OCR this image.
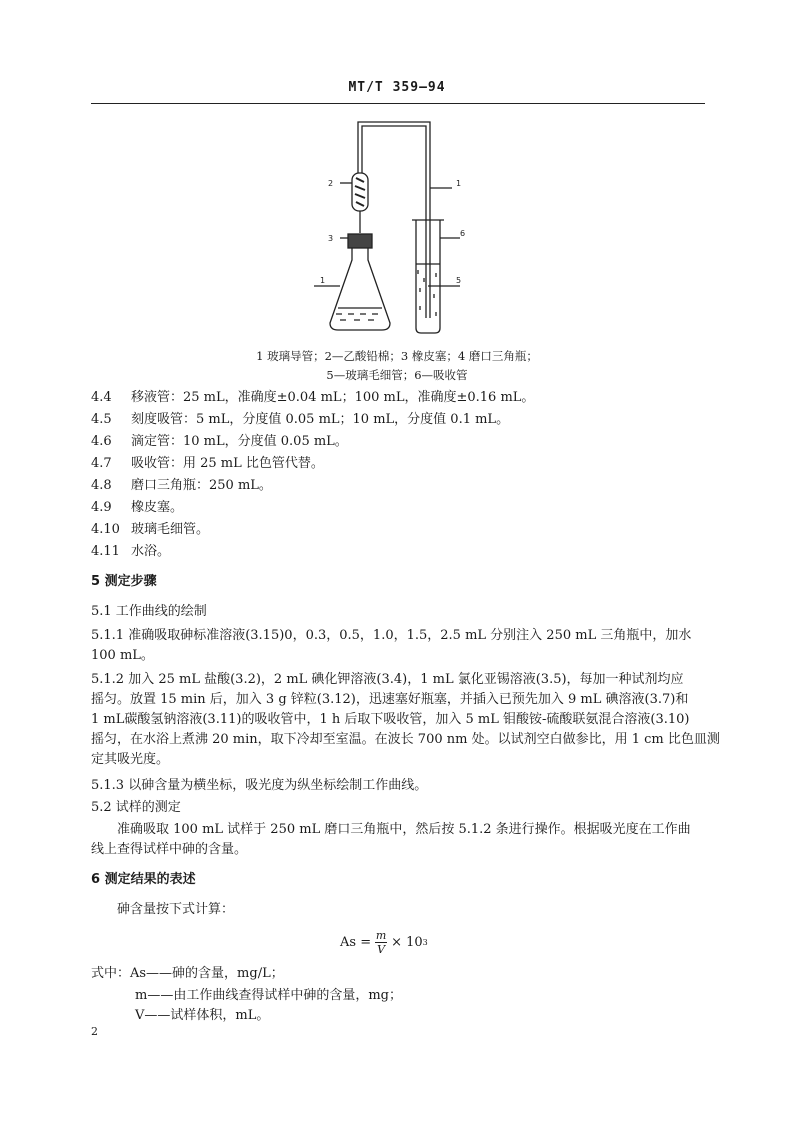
MT/T 359—94
2
3
1
1
6
5
1 玻璃导管；2—乙酸铅棉；3 橡皮塞；4 磨口三角瓶；
5—玻璃毛细管；6—吸收管
4.4 移液管：25 mL，准确度±0.04 mL；100 mL，准确度±0.16 mL。
4.5 刻度吸管：5 mL，分度值 0.05 mL；10 mL，分度值 0.1 mL。
4.6 滴定管：10 mL，分度值 0.05 mL。
4.7 吸收管：用 25 mL 比色管代替。
4.8 磨口三角瓶：250 mL。
4.9 橡皮塞。
4.10 玻璃毛细管。
4.11 水浴。
5 测定步骤
5.1 工作曲线的绘制
5.1.1 准确吸取砷标准溶液(3.15)0，0.3，0.5，1.0，1.5，2.5 mL 分别注入 250 mL 三角瓶中，加水
100 mL。
5.1.2 加入 25 mL 盐酸(3.2)，2 mL 碘化钾溶液(3.4)，1 mL 氯化亚锡溶液(3.5)，每加一种试剂均应
摇匀。放置 15 min 后，加入 3 g 锌粒(3.12)，迅速塞好瓶塞，并插入已预先加入 9 mL 碘溶液(3.7)和
1 mL碳酸氢钠溶液(3.11)的吸收管中，1 h 后取下吸收管，加入 5 mL 钼酸铵-硫酸联氨混合溶液(3.10)
摇匀，在水浴上煮沸 20 min，取下冷却至室温。在波长 700 nm 处。以试剂空白做参比，用 1 cm 比色皿测
定其吸光度。
5.1.3 以砷含量为横坐标，吸光度为纵坐标绘制工作曲线。
5.2 试样的测定
准确吸取 100 mL 试样于 250 mL 磨口三角瓶中，然后按 5.1.2 条进行操作。根据吸光度在工作曲
线上查得试样中砷的含量。
6 测定结果的表述
砷含量按下式计算：
$As = \frac{m}{V} \times 10$ 3
式中：As——砷的含量，mg/L；
m——由工作曲线查得试样中砷的含量，mg；
V——试样体积，mL。
2
